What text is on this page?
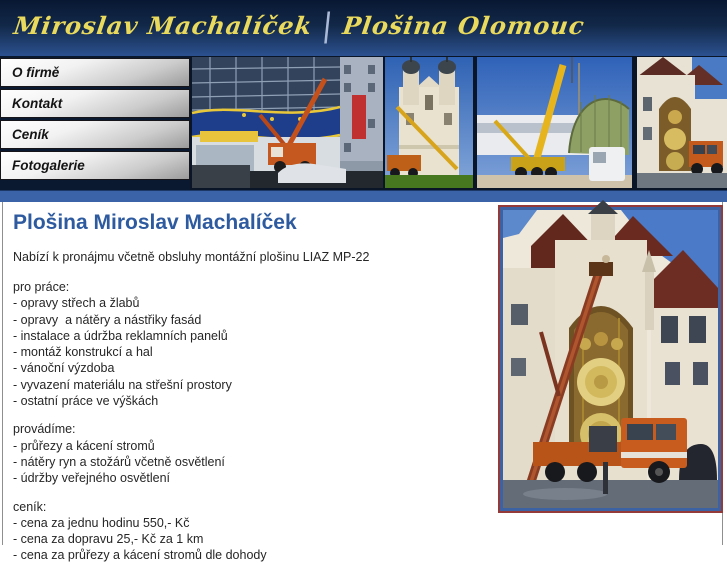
Miroslav Machalíček | Plošina Olomouc
O firmě
Kontakt
Ceník
Fotogalerie
Plošina Miroslav Machalíček
Nabízí k pronájmu včetně obsluhy montážní plošinu LIAZ MP-22
pro práce:
- opravy střech a žlabů
- opravy  a nátěry a nástřiky fasád
- instalace a údržba reklamních panelů
- montáž konstrukcí a hal
- vánoční výzdoba
- vyvazení materiálu na střešní prostory
- ostatní práce ve výškách
provádíme:
- průřezy a kácení stromů
- nátěry ryn a stožárů včetně osvětlení
- údržby veřejného osvětlení
ceník:
- cena za jednu hodinu 550,- Kč
- cena za dopravu 25,- Kč za 1 km
- cena za průřezy a kácení stromů dle dohody
